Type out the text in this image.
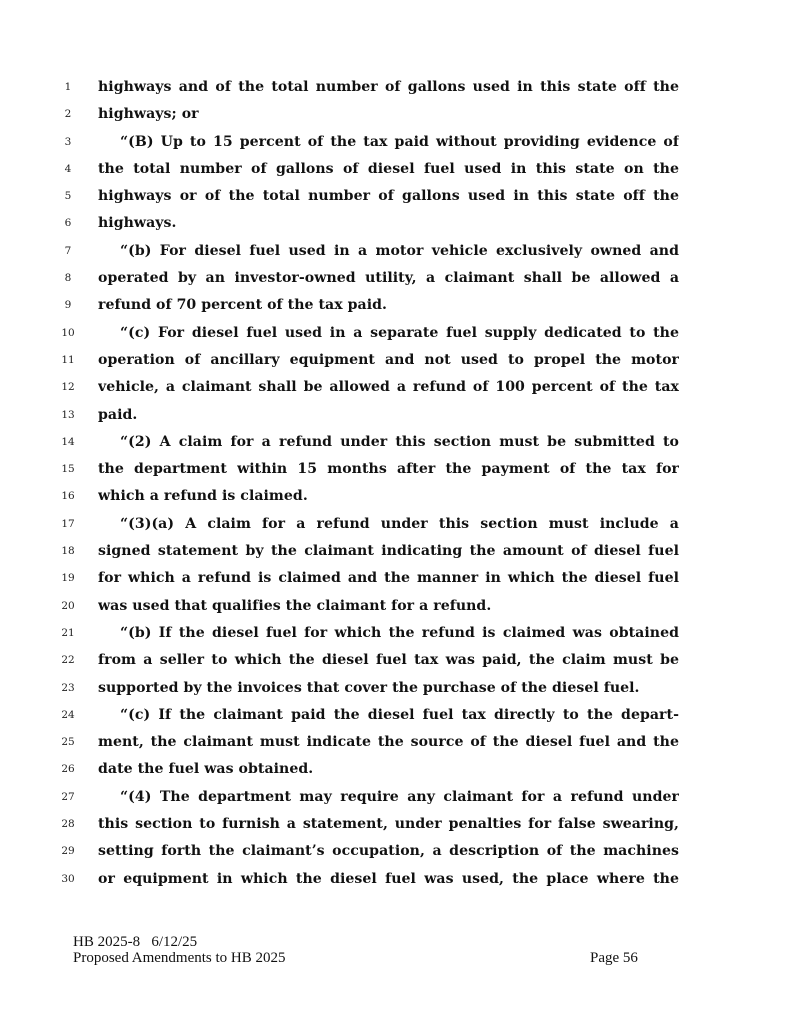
1	highways and of the total number of gallons used in this state off the
2	highways; or
3	“(B) Up to 15 percent of the tax paid without providing evidence of
4	the total number of gallons of diesel fuel used in this state on the
5	highways or of the total number of gallons used in this state off the
6	highways.
7	“(b) For diesel fuel used in a motor vehicle exclusively owned and
8	operated by an investor-owned utility, a claimant shall be allowed a
9	refund of 70 percent of the tax paid.
10	“(c) For diesel fuel used in a separate fuel supply dedicated to the
11	operation of ancillary equipment and not used to propel the motor
12	vehicle, a claimant shall be allowed a refund of 100 percent of the tax
13	paid.
14	“(2) A claim for a refund under this section must be submitted to
15	the department within 15 months after the payment of the tax for
16	which a refund is claimed.
17	“(3)(a) A claim for a refund under this section must include a
18	signed statement by the claimant indicating the amount of diesel fuel
19	for which a refund is claimed and the manner in which the diesel fuel
20	was used that qualifies the claimant for a refund.
21	“(b) If the diesel fuel for which the refund is claimed was obtained
22	from a seller to which the diesel fuel tax was paid, the claim must be
23	supported by the invoices that cover the purchase of the diesel fuel.
24	“(c) If the claimant paid the diesel fuel tax directly to the depart-
25	ment, the claimant must indicate the source of the diesel fuel and the
26	date the fuel was obtained.
27	“(4) The department may require any claimant for a refund under
28	this section to furnish a statement, under penalties for false swearing,
29	setting forth the claimant’s occupation, a description of the machines
30	or equipment in which the diesel fuel was used, the place where the
HB 2025-8   6/12/25
Proposed Amendments to HB 2025	Page 56
